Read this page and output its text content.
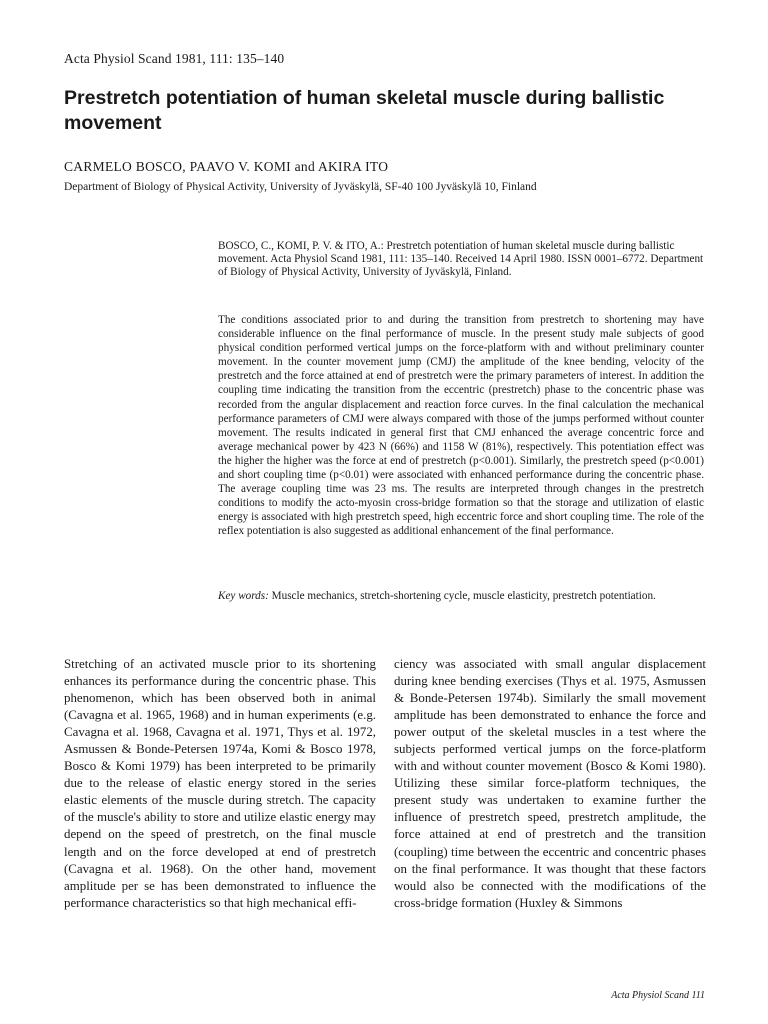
Acta Physiol Scand 1981, 111: 135–140
Prestretch potentiation of human skeletal muscle during ballistic movement
CARMELO BOSCO, PAAVO V. KOMI and AKIRA ITO
Department of Biology of Physical Activity, University of Jyväskylä, SF-40 100 Jyväskylä 10, Finland
BOSCO, C., KOMI, P. V. & ITO, A.: Prestretch potentiation of human skeletal muscle during ballistic movement. Acta Physiol Scand 1981, 111: 135–140. Received 14 April 1980. ISSN 0001–6772. Department of Biology of Physical Activity, University of Jyväskylä, Finland.
The conditions associated prior to and during the transition from prestretch to shortening may have considerable influence on the final performance of muscle. In the present study male subjects of good physical condition performed vertical jumps on the force-platform with and without preliminary counter movement. In the counter movement jump (CMJ) the amplitude of the knee bending, velocity of the prestretch and the force attained at end of prestretch were the primary parameters of interest. In addition the coupling time indicating the transition from the eccentric (prestretch) phase to the concentric phase was recorded from the angular displacement and reaction force curves. In the final calculation the mechanical performance parameters of CMJ were always compared with those of the jumps performed without counter movement. The results indicated in general first that CMJ enhanced the average concentric force and average mechanical power by 423 N (66%) and 1158 W (81%), respectively. This potentiation effect was the higher the higher was the force at end of prestretch (p<0.001). Similarly, the prestretch speed (p<0.001) and short coupling time (p<0.01) were associated with enhanced performance during the concentric phase. The average coupling time was 23 ms. The results are interpreted through changes in the prestretch conditions to modify the acto-myosin cross-bridge formation so that the storage and utilization of elastic energy is associated with high prestretch speed, high eccentric force and short coupling time. The role of the reflex potentiation is also suggested as additional enhancement of the final performance.
Key words: Muscle mechanics, stretch-shortening cycle, muscle elasticity, prestretch potentiation.
Stretching of an activated muscle prior to its shortening enhances its performance during the concentric phase. This phenomenon, which has been observed both in animal (Cavagna et al. 1965, 1968) and in human experiments (e.g. Cavagna et al. 1968, Cavagna et al. 1971, Thys et al. 1972, Asmussen & Bonde-Petersen 1974a, Komi & Bosco 1978, Bosco & Komi 1979) has been interpreted to be primarily due to the release of elastic energy stored in the series elastic elements of the muscle during stretch. The capacity of the muscle's ability to store and utilize elastic energy may depend on the speed of prestretch, on the final muscle length and on the force developed at end of prestretch (Cavagna et al. 1968). On the other hand, movement amplitude per se has been demonstrated to influence the performance characteristics so that high mechanical effi-
ciency was associated with small angular displacement during knee bending exercises (Thys et al. 1975, Asmussen & Bonde-Petersen 1974b). Similarly the small movement amplitude has been demonstrated to enhance the force and power output of the skeletal muscles in a test where the subjects performed vertical jumps on the force-platform with and without counter movement (Bosco & Komi 1980). Utilizing these similar force-platform techniques, the present study was undertaken to examine further the influence of prestretch speed, prestretch amplitude, the force attained at end of prestretch and the transition (coupling) time between the eccentric and concentric phases on the final performance. It was thought that these factors would also be connected with the modifications of the cross-bridge formation (Huxley & Simmons
Acta Physiol Scand 111
